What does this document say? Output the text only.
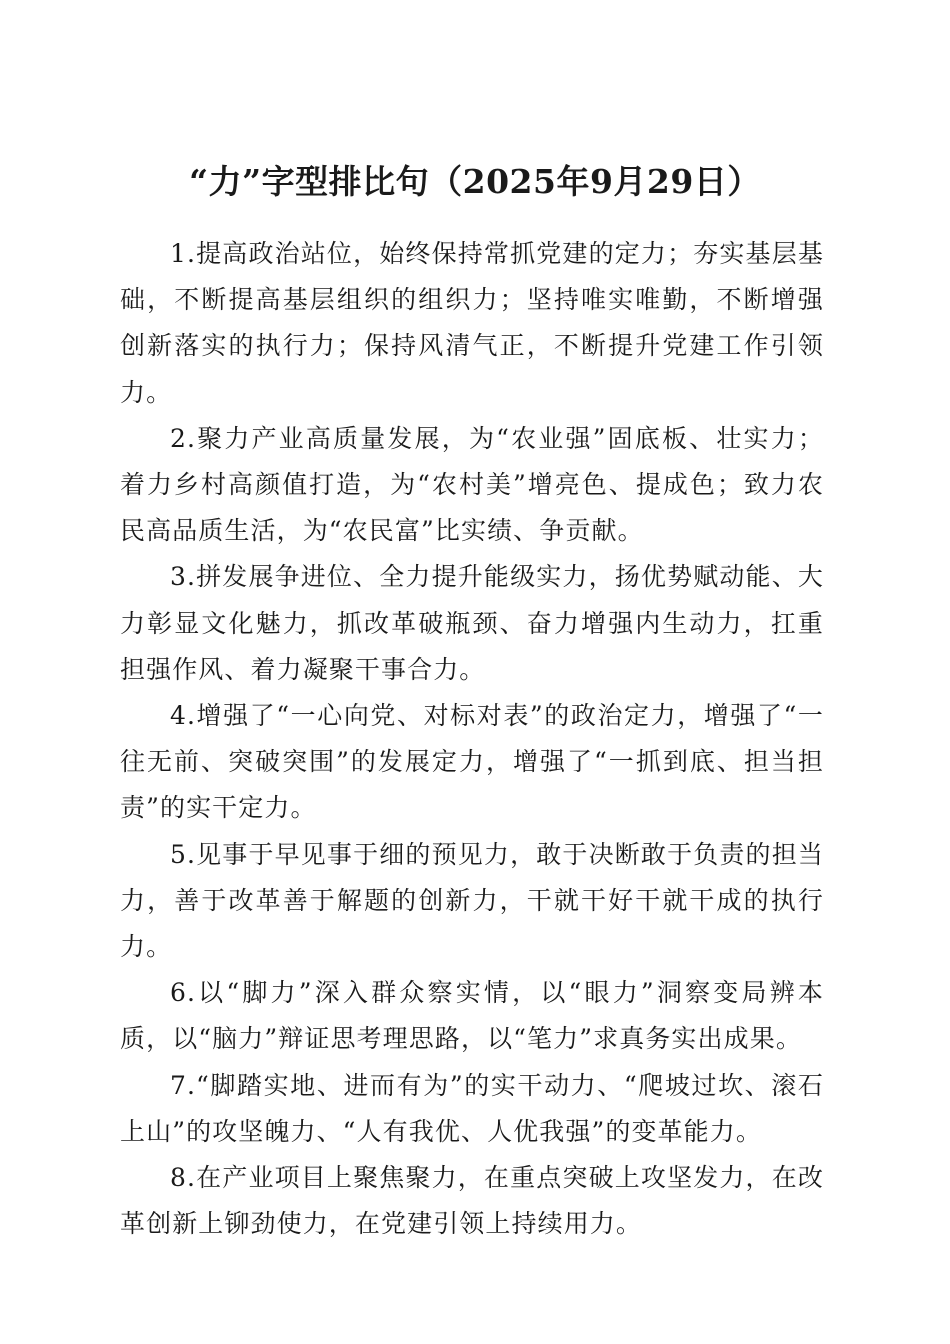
“力”字型排比句（2025年9月29日）

1.提高政治站位，始终保持常抓党建的定力；夯实基层基础，不断提高基层组织的组织力；坚持唯实唯勤，不断增强创新落实的执行力；保持风清气正，不断提升党建工作引领力。

2.聚力产业高质量发展，为“农业强”固底板、壮实力；着力乡村高颜值打造，为“农村美”增亮色、提成色；致力农民高品质生活，为“农民富”比实绩、争贡献。

3.拼发展争进位、全力提升能级实力，扬优势赋动能、大力彰显文化魅力，抓改革破瓶颈、奋力增强内生动力，扛重担强作风、着力凝聚干事合力。

4.增强了“一心向党、对标对表”的政治定力，增强了“一往无前、突破突围”的发展定力，增强了“一抓到底、担当担责”的实干定力。

5.见事于早见事于细的预见力，敢于决断敢于负责的担当力，善于改革善于解题的创新力，干就干好干就干成的执行力。

6.以“脚力”深入群众察实情，以“眼力”洞察变局辨本质，以“脑力”辩证思考理思路，以“笔力”求真务实出成果。

7.“脚踏实地、进而有为”的实干动力、“爬坡过坎、滚石上山”的攻坚魄力、“人有我优、人优我强”的变革能力。

8.在产业项目上聚焦聚力，在重点突破上攻坚发力，在改革创新上铆劲使力，在党建引领上持续用力。
